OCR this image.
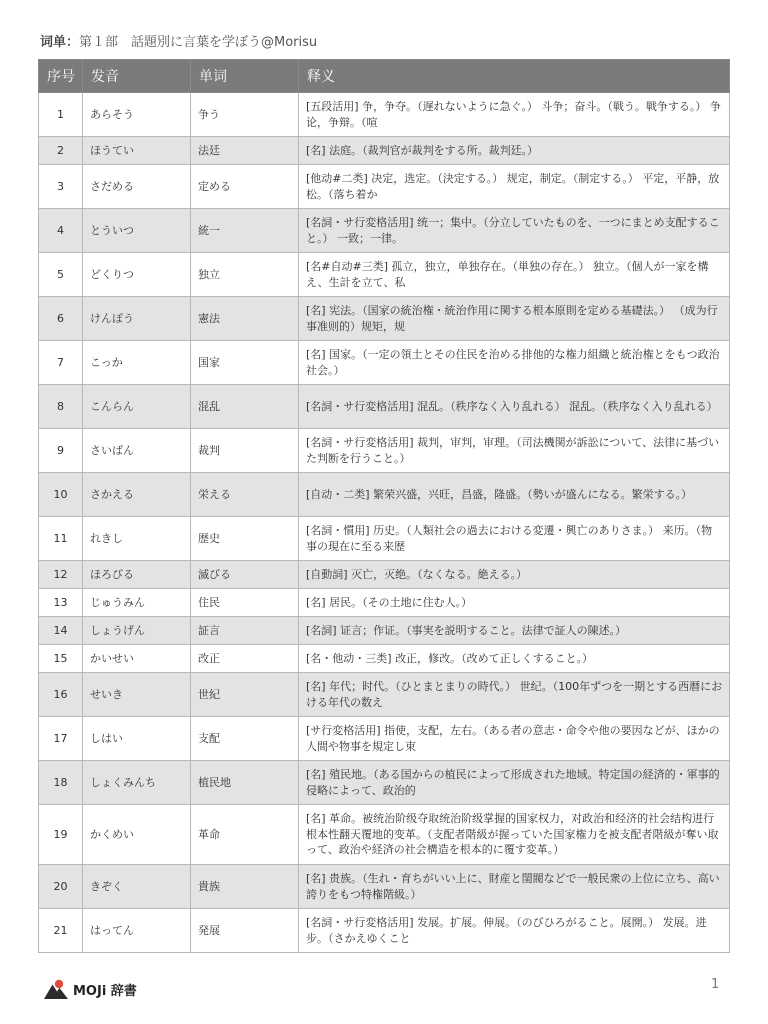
词单：第１部　話題別に言葉を学ぼう@Morisu
序号	发音	单词	释义
1	あらそう	争う	[五段活用] 争，争夺。（遅れないように急ぐ。） 斗争；奋斗。（戦う。戦争する。） 争论，争辩。（喧
2	ほうてい	法廷	[名] 法庭。（裁判官が裁判をする所。裁判廷。）
3	さだめる	定める	[他动#二类] 决定，选定。（決定する。） 规定，制定。（制定する。） 平定，平静，放松。（落ち着か
4	とういつ	統一	[名詞・サ行変格活用] 统一；集中。（分立していたものを、一つにまとめ支配すること。） 一致；一律。
5	どくりつ	独立	[名#自动#三类] 孤立，独立，单独存在。（単独の存在。） 独立。（個人が一家を構え、生計を立て、私
6	けんぽう	憲法	[名] 宪法。（国家の統治権・統治作用に関する根本原則を定める基礎法。） （成为行事准则的）规矩，规
7	こっか	国家	[名] 国家。（一定の領土とその住民を治める排他的な権力組織と統治権とをもつ政治社会。）
8	こんらん	混乱	[名詞・サ行変格活用] 混乱。（秩序なく入り乱れる） 混乱。（秩序なく入り乱れる）
9	さいばん	裁判	[名詞・サ行変格活用] 裁判，审判，审理。（司法機関が訴訟について、法律に基づいた判断を行うこと。）
10	さかえる	栄える	[自动・二类] 繁荣兴盛，兴旺，昌盛，隆盛。（勢いが盛んになる。繁栄する。）
11	れきし	歴史	[名詞・慣用] 历史。（人類社会の過去における変遷・興亡のありさま。） 来历。（物事の現在に至る来歴
12	ほろびる	滅びる	[自動詞] 灭亡，灭绝。（なくなる。絶える。）
13	じゅうみん	住民	[名] 居民。（その土地に住む人。）
14	しょうげん	証言	[名詞] 证言；作证。（事実を説明すること。法律で証人の陳述。）
15	かいせい	改正	[名・他动・三类] 改正，修改。（改めて正しくすること。）
16	せいき	世紀	[名] 年代；时代。（ひとまとまりの時代。） 世纪。（100年ずつを一期とする西暦における年代の数え
17	しはい	支配	[サ行変格活用] 指使，支配，左右。（ある者の意志・命令や他の要因などが、ほかの人間や物事を規定し束
18	しょくみんち	植民地	[名] 殖民地。（ある国からの植民によって形成された地域。特定国の経済的・軍事的侵略によって、政治的
19	かくめい	革命	[名] 革命。被统治阶级夺取统治阶级掌握的国家权力，对政治和经济的社会结构进行根本性翻天覆地的变革。（支配者階級が握っていた国家権力を被支配者階級が奪い取って、政治や経済の社会構造を根本的に覆す変革。）
20	きぞく	貴族	[名] 贵族。（生れ・育ちがいい上に、財産と閨閥などで一般民衆の上位に立ち、高い誇りをもつ特権階級。）
21	はってん	発展	[名詞・サ行変格活用] 发展。扩展。伸展。（のびひろがること。展開。） 发展。进步。（さかえゆくこと
MOJi 辞書	1
